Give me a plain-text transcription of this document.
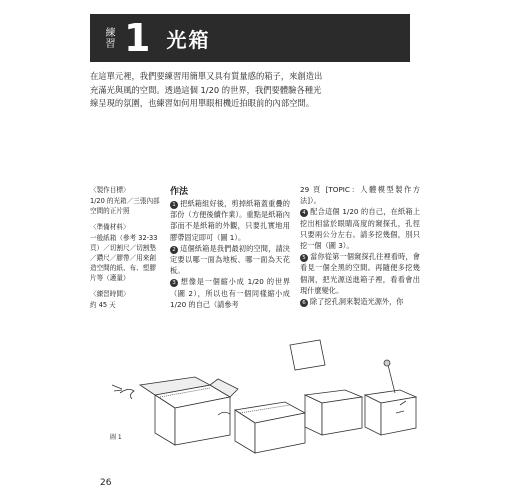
練習 1 光箱

在這單元裡，我們要練習用簡單又具有質量感的箱子，來創造出

充滿光與風的空間。透過這個 1/20 的世界，我們要體驗各種光

線呈現的氛圍，也練習如何用單眼相機近拍眼前的內部空間。

〈製作目標〉
1/20 的光箱／三張內部空間的正片照
〈準備材料〉
一般紙箱（參考 32-33 頁）／切割尺／切割墊／鑽尺／膠帶／用來創造空間的紙、布、塑膠片等（適量）
〈練習時間〉
約 45 天
作法

1 把紙箱組好後，剪掉紙箱蓋重疊的部份（方便後續作業）。重點是紙箱內部而不是紙箱的外觀，只要扎實地用膠帶固定即可（圖 1）。

2 這個紙箱是我們最初的空間，請決定要以哪一面為地板、哪一面為天花板。

3 想像是一個縮小成 1/20 的世界（圖 2），所以也有一個同樣縮小成 1/20 的自己（請參考

29 頁 [TOPIC：人體模型製作方法]）。

4 配合這個 1/20 的自己，在紙箱上挖出相當於眼睛高度的窺探孔，孔徑只要兩公分左右。請多挖幾個，別只挖一個（圖 3）。

5 當你從第一個窺探孔往裡看時，會看見一個全黑的空間。再隨便多挖幾個洞，把光源送進箱子裡，看看會出現什麼變化。

6 除了挖孔洞來製造光源外，你

圖 1
26
